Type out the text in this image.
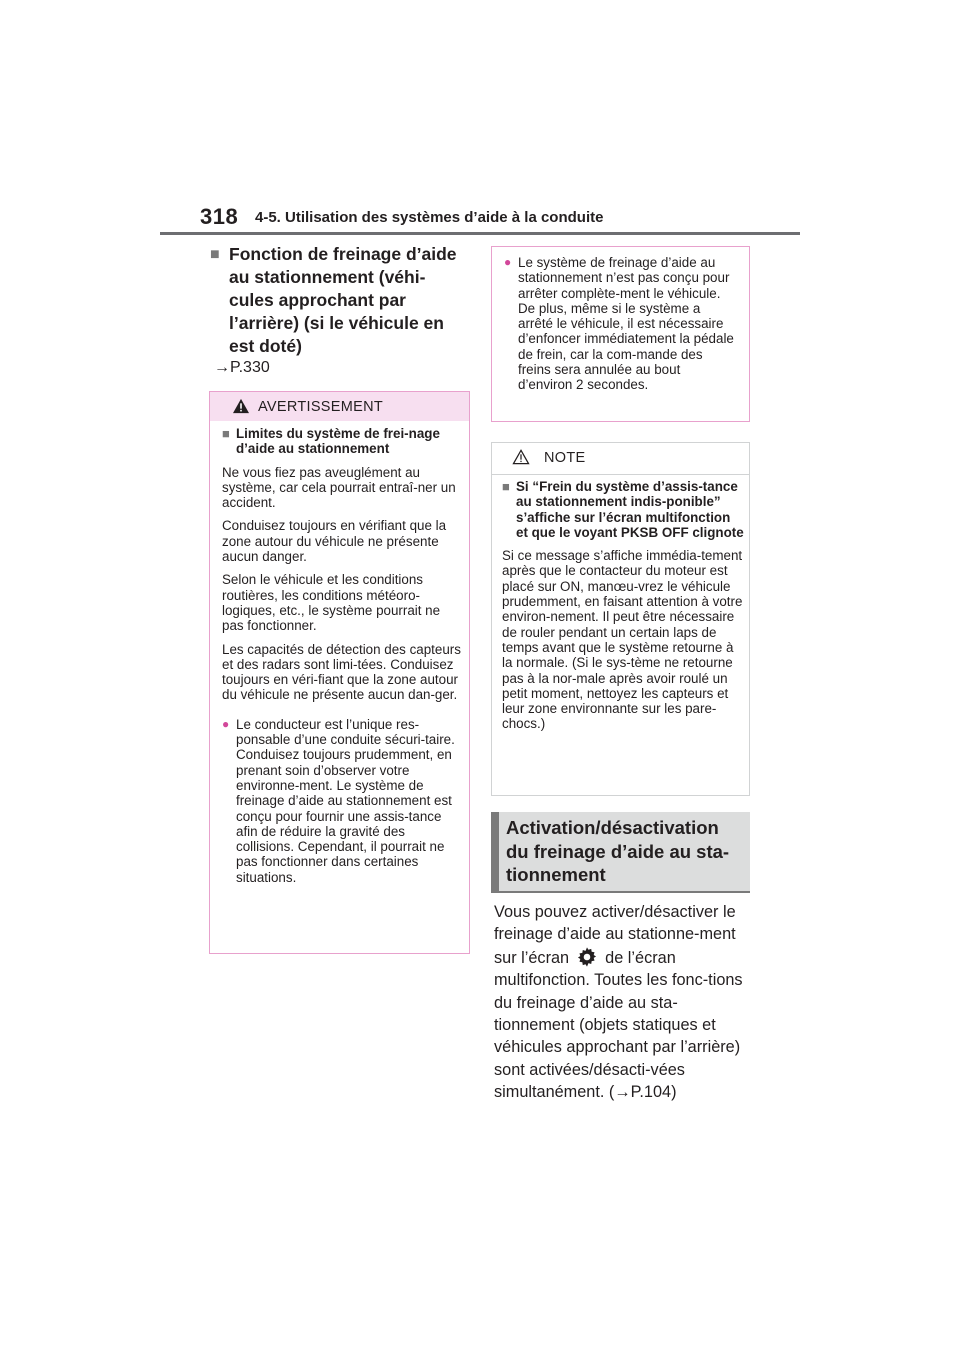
318 4-5. Utilisation des systèmes d’aide à la conduite
■ Fonction de freinage d’aide au stationnement (véhi-cules approchant par l’arrière) (si le véhicule en est doté)
→P.330
AVERTISSEMENT
■ Limites du système de frei-nage d’aide au stationnement
Ne vous fiez pas aveuglément au système, car cela pourrait entraî-ner un accident.
Conduisez toujours en vérifiant que la zone autour du véhicule ne présente aucun danger.
Selon le véhicule et les conditions routières, les conditions météoro-logiques, etc., le système pourrait ne pas fonctionner.
Les capacités de détection des capteurs et des radars sont limi-tées. Conduisez toujours en véri-fiant que la zone autour du véhicule ne présente aucun dan-ger.
● Le conducteur est l’unique res-ponsable d’une conduite sécuri-taire. Conduisez toujours prudemment, en prenant soin d’observer votre environne-ment. Le système de freinage d’aide au stationnement est conçu pour fournir une assis-tance afin de réduire la gravité des collisions. Cependant, il pourrait ne pas fonctionner dans certaines situations.
● Le système de freinage d’aide au stationnement n’est pas conçu pour arrêter complète-ment le véhicule. De plus, même si le système a arrêté le véhicule, il est nécessaire d’enfoncer immédiatement la pédale de frein, car la com-mande des freins sera annulée au bout d’environ 2 secondes.
NOTE
■ Si “Frein du système d’assis-tance au stationnement indis-ponible” s’affiche sur l’écran multifonction et que le voyant PKSB OFF clignote
Si ce message s’affiche immédia-tement après que le contacteur du moteur est placé sur ON, manœu-vrez le véhicule prudemment, en faisant attention à votre environ-nement. Il peut être nécessaire de rouler pendant un certain laps de temps avant que le système retourne à la normale. (Si le sys-tème ne retourne pas à la nor-male après avoir roulé un petit moment, nettoyez les capteurs et leur zone environnante sur les pare-chocs.)
Activation/désactivation du freinage d’aide au sta-tionnement
Vous pouvez activer/désactiver le freinage d’aide au stationne-ment sur l’écran de l’écran multifonction. Toutes les fonc-tions du freinage d’aide au sta-tionnement (objets statiques et véhicules approchant par l’arrière) sont activées/désacti-vées simultanément. (→P.104)
